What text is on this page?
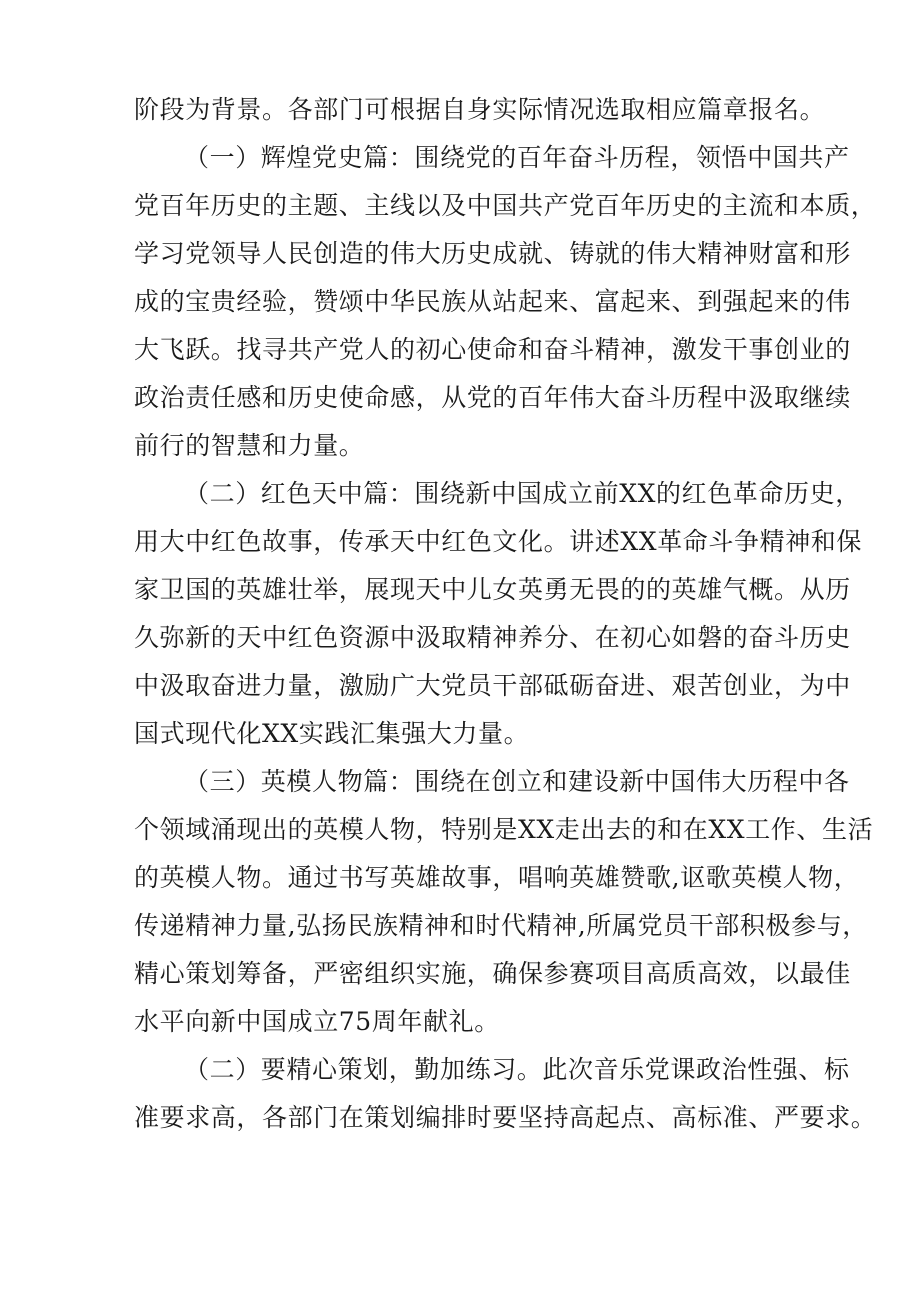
阶段为背景。各部门可根据自身实际情况选取相应篇章报名。
（一）辉煌党史篇：围绕党的百年奋斗历程，领悟中国共产
党百年历史的主题、主线以及中国共产党百年历史的主流和本质，
学习党领导人民创造的伟大历史成就、铸就的伟大精神财富和形
成的宝贵经验，赞颂中华民族从站起来、富起来、到强起来的伟
大飞跃。找寻共产党人的初心使命和奋斗精神，激发干事创业的
政治责任感和历史使命感，从党的百年伟大奋斗历程中汲取继续
前行的智慧和力量。
（二）红色天中篇：围绕新中国成立前XX的红色革命历史，
用大中红色故事，传承天中红色文化。讲述XX革命斗争精神和保
家卫国的英雄壮举，展现天中儿女英勇无畏的的英雄气概。从历
久弥新的天中红色资源中汲取精神养分、在初心如磐的奋斗历史
中汲取奋进力量，激励广大党员干部砥砺奋进、艰苦创业，为中
国式现代化XX实践汇集强大力量。
（三）英模人物篇：围绕在创立和建设新中国伟大历程中各
个领域涌现出的英模人物，特别是XX走出去的和在XX工作、生活
的英模人物。通过书写英雄故事，唱响英雄赞歌,讴歌英模人物，
传递精神力量,弘扬民族精神和时代精神,所属党员干部积极参与，
精心策划筹备，严密组织实施，确保参赛项目高质高效，以最佳
水平向新中国成立75周年献礼。
（二）要精心策划，勤加练习。此次音乐党课政治性强、标
准要求高，各部门在策划编排时要坚持高起点、高标准、严要求。
